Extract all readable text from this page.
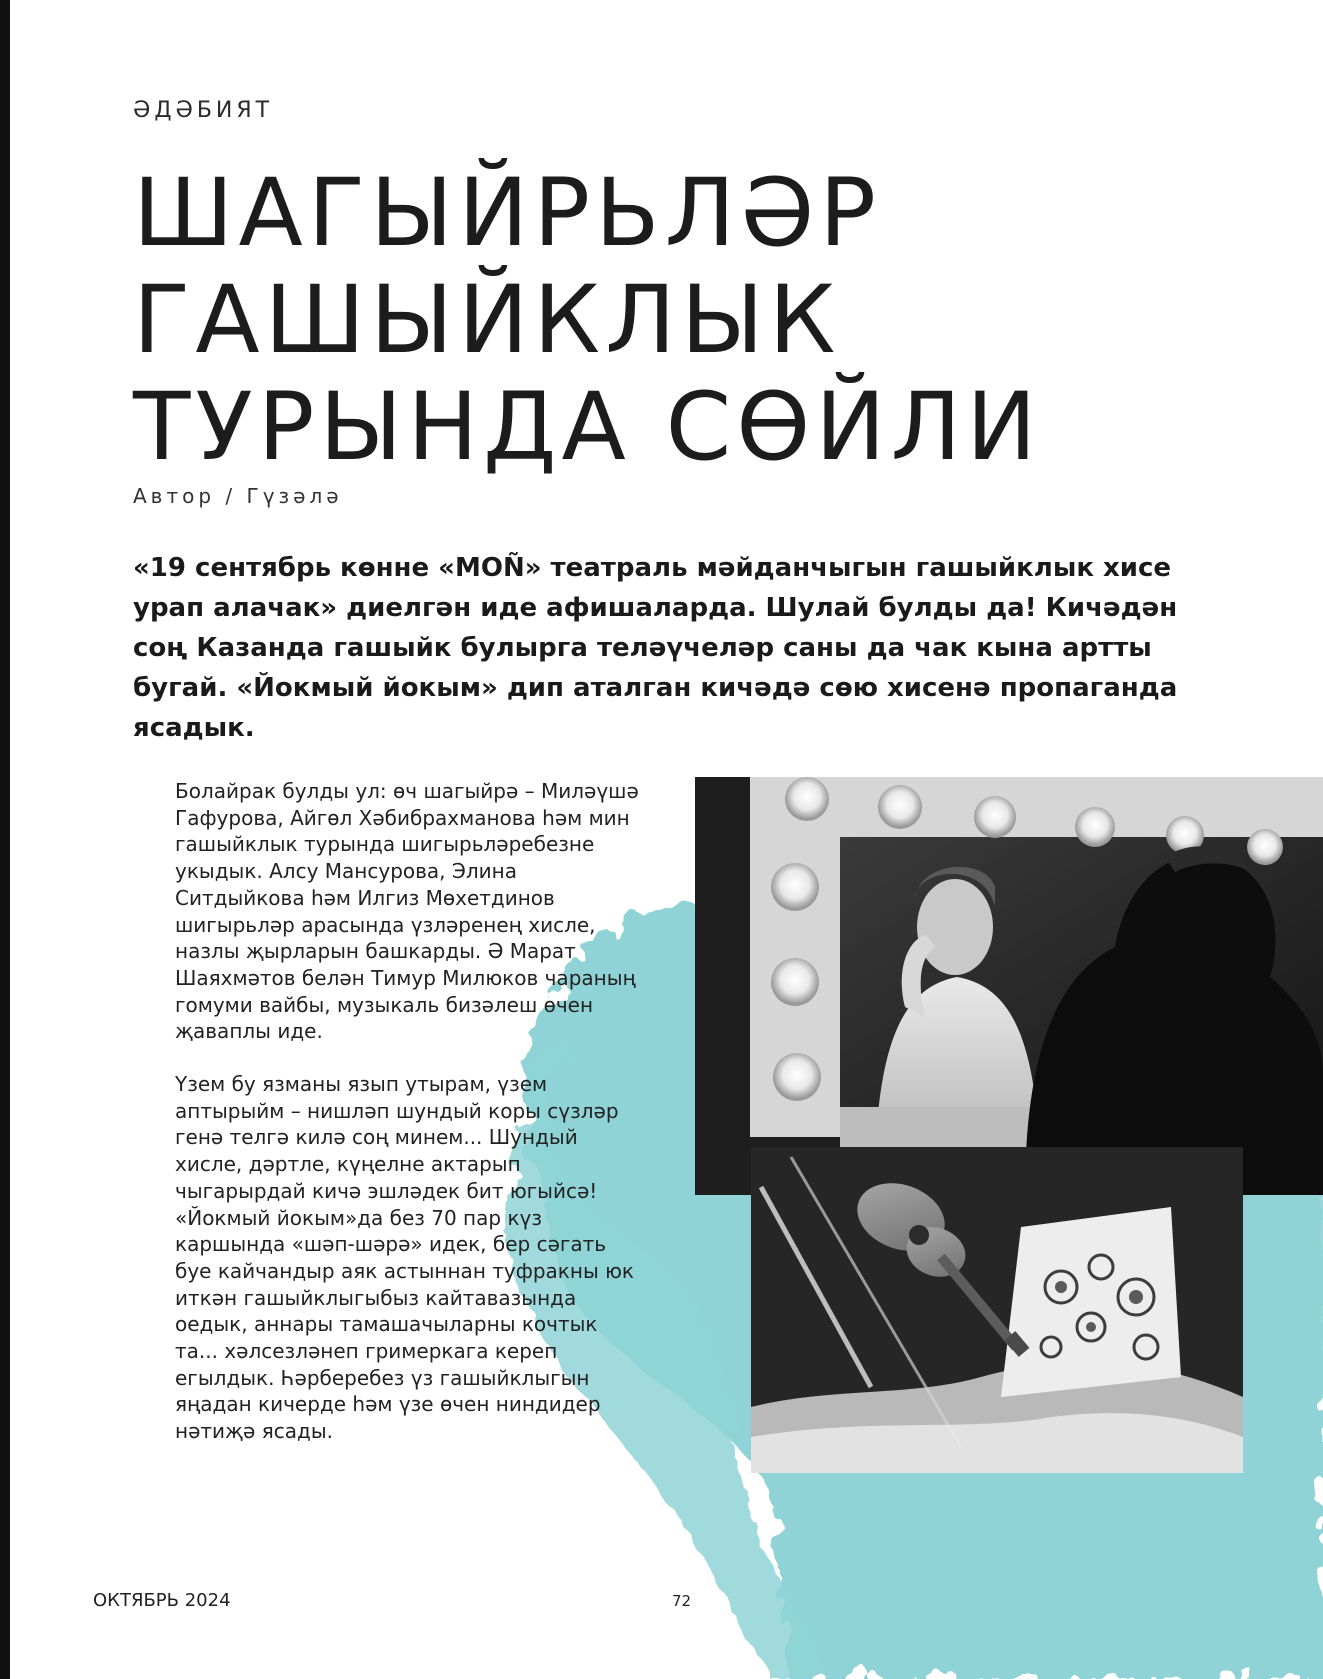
ӘДӘБИЯТ

ШАГЫЙРЬЛӘР
ГАШЫЙКЛЫК
ТУРЫНДА СӨЙЛИ

Автор / Гүзәлә

«19 сентябрь көнне «MOÑ» театраль мәйданчыгын гашыйклык хисе урап алачак» диелгән иде афишаларда. Шулай булды да! Кичәдән соң Казанда гашыйк булырга теләүчеләр саны да чак кына артты бугай. «Йокмый йокым» дип аталган кичәдә сөю хисенә пропаганда ясадык.

Болайрак булды ул: өч шагыйрә – Миләүшә Гафурова, Айгөл Хәбибрахманова һәм мин гашыйклык турында шигырьләребезне укыдык. Алсу Мансурова, Элина Ситдыйкова һәм Илгиз Мөхетдинов шигырьләр арасында үзләренең хисле, назлы җырларын башкарды. Ә Марат Шаяхмәтов белән Тимур Милюков чараның гомуми вайбы, музыкаль бизәлеш өчен җаваплы иде.

Үзем бу язманы язып утырам, үзем аптырыйм – нишләп шундый коры сүзләр генә телгә килә соң минем... Шундый хисле, дәртле, күңелне актарып чыгарырдай кичә эшләдек бит югыйсә! «Йокмый йокым»да без 70 пар күз каршында «шәп-шәрә» идек, бер сәгать буе кайчандыр аяк астыннан туфракны юк иткән гашыйклыгыбыз кайтавазында оедык, аннары тамашачыларны кочтык та... хәлсезләнеп гримеркага кереп егылдык. Һәрберебез үз гашыйклыгын яңадан кичерде һәм үзе өчен ниндидер нәтиҗә ясады.

ОКТЯБРЬ 2024	72
